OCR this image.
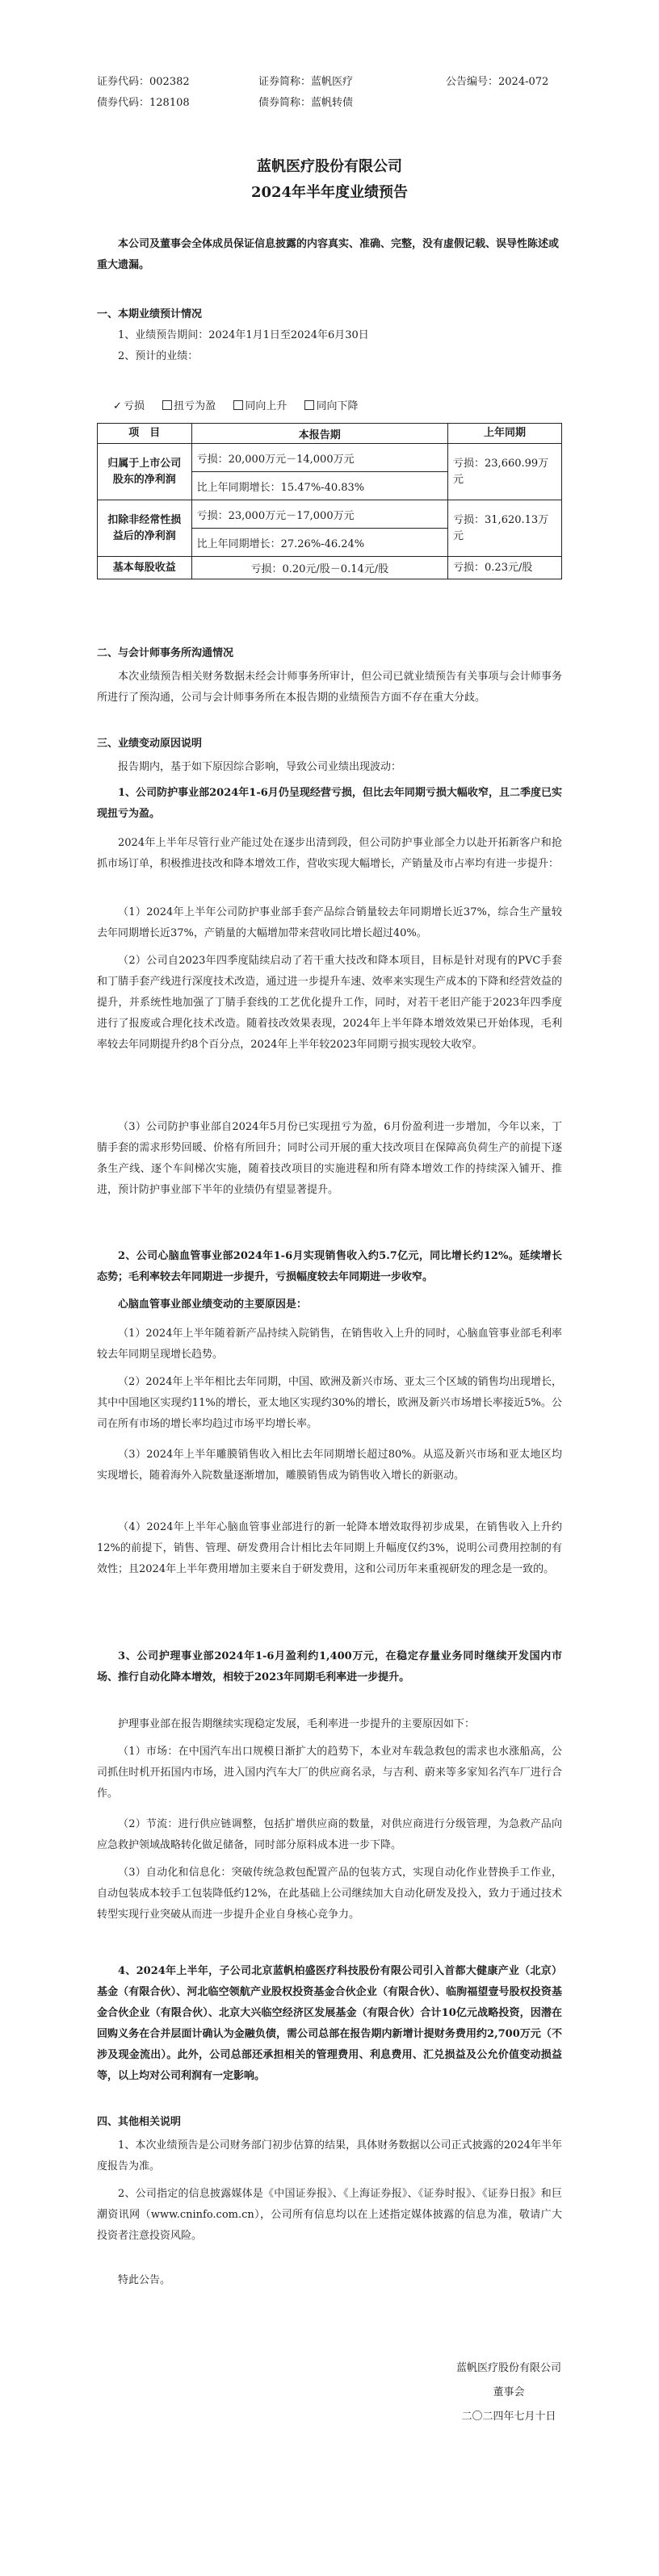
证券代码：002382	证券简称：蓝帆医疗	公告编号：2024-072
债券代码：128108	债券简称：蓝帆转债
蓝帆医疗股份有限公司
2024年半年度业绩预告
本公司及董事会全体成员保证信息披露的内容真实、准确、完整，没有虚假记载、误导性陈述或重大遗漏。
一、本期业绩预计情况
1、业绩预告期间：2024年1月1日至2024年6月30日
2、预计的业绩：
✓ 亏损	扭亏为盈	同向上升	同向下降
项　目	本报告期	上年同期
归属于上市公司股东的净利润	亏损：20,000万元－14,000万元	亏损：23,660.99万元
	比上年同期增长：15.47%-40.83%	
扣除非经常性损益后的净利润	亏损：23,000万元－17,000万元	亏损：31,620.13万元
	比上年同期增长：27.26%-46.24%	
基本每股收益	亏损：0.20元/股－0.14元/股	亏损：0.23元/股
二、与会计师事务所沟通情况
本次业绩预告相关财务数据未经会计师事务所审计，但公司已就业绩预告有关事项与会计师事务所进行了预沟通，公司与会计师事务所在本报告期的业绩预告方面不存在重大分歧。
三、业绩变动原因说明
报告期内，基于如下原因综合影响，导致公司业绩出现波动：
1、公司防护事业部2024年1-6月仍呈现经营亏损，但比去年同期亏损大幅收窄，且二季度已实现扭亏为盈。
2024年上半年尽管行业产能过处在逐步出清到段，但公司防护事业部全力以赴开拓新客户和抢抓市场订单，积极推进技改和降本增效工作，营收实现大幅增长，产销量及市占率均有进一步提升：
（1）2024年上半年公司防护事业部手套产品综合销量较去年同期增长近37%，综合生产量较去年同期增长近37%，产销量的大幅增加带来营收同比增长超过40%。
（2）公司自2023年四季度陆续启动了若干重大技改和降本项目，目标是针对现有的PVC手套和丁腈手套产线进行深度技术改造，通过进一步提升车速、效率来实现生产成本的下降和经营效益的提升，并系统性地加强了丁腈手套线的工艺优化提升工作，同时，对若干老旧产能于2023年四季度进行了报废或合理化技术改造。随着技改效果表现，2024年上半年降本增效效果已开始体现，毛利率较去年同期提升约8个百分点，2024年上半年较2023年同期亏损实现较大收窄。
（3）公司防护事业部自2024年5月份已实现扭亏为盈，6月份盈利进一步增加，今年以来，丁腈手套的需求形势回暖、价格有所回升；同时公司开展的重大技改项目在保障高负荷生产的前提下逐条生产线、逐个车间梯次实施，随着技改项目的实施进程和所有降本增效工作的持续深入铺开、推进，预计防护事业部下半年的业绩仍有望显著提升。
2、公司心脑血管事业部2024年1-6月实现销售收入约5.7亿元，同比增长约12%。延续增长态势；毛利率较去年同期进一步提升，亏损幅度较去年同期进一步收窄。
心脑血管事业部业绩变动的主要原因是：
（1）2024年上半年随着新产品持续入院销售，在销售收入上升的同时，心脑血管事业部毛利率较去年同期呈现增长趋势。
（2）2024年上半年相比去年同期，中国、欧洲及新兴市场、亚太三个区域的销售均出现增长，其中中国地区实现约11%的增长，亚太地区实现约30%的增长，欧洲及新兴市场增长率接近5%。公司在所有市场的增长率均趋过市场平均增长率。
（3）2024年上半年雕膜销售收入相比去年同期增长超过80%。从巡及新兴市场和亚太地区均实现增长，随着海外入院数量逐渐增加，雕膜销售成为销售收入增长的新驱动。
（4）2024年上半年心脑血管事业部进行的新一轮降本增效取得初步成果，在销售收入上升约12%的前提下，销售、管理、研发费用合计相比去年同期上升幅度仅约3%，说明公司费用控制的有效性；且2024年上半年费用增加主要来自于研发费用，这和公司历年来重视研发的理念是一致的。
3、公司护理事业部2024年1-6月盈利约1,400万元，在稳定存量业务同时继续开发国内市场、推行自动化降本增效，相较于2023年同期毛利率进一步提升。
护理事业部在报告期继续实现稳定发展，毛利率进一步提升的主要原因如下：
（1）市场：在中国汽车出口规模日渐扩大的趋势下，本业对车载急救包的需求也水涨船高，公司抓住时机开拓国内市场，进入国内汽车大厂的供应商名录，与吉利、蔚来等多家知名汽车厂进行合作。
（2）节流：进行供应链调整，包括扩增供应商的数量，对供应商进行分级管理，为急救产品向应急救护领域战略转化做足储备，同时部分原料成本进一步下降。
（3）自动化和信息化：突破传统急救包配置产品的包装方式，实现自动化作业替换手工作业，自动包装成本较手工包装降低约12%，在此基础上公司继续加大自动化研发及投入，致力于通过技术转型实现行业突破从而进一步提升企业自身核心竞争力。
4、2024年上半年，子公司北京蓝帆柏盛医疗科技股份有限公司引入首都大健康产业（北京）基金（有限合伙）、河北临空领航产业股权投资基金合伙企业（有限合伙）、临朐福望壹号股权投资基金合伙企业（有限合伙）、北京大兴临空经济区发展基金（有限合伙）合计10亿元战略投资，因潜在回购义务在合并层面计确认为金融负债，需公司总部在报告期内新增计提财务费用约2,700万元（不涉及现金流出）。此外，公司总部还承担相关的管理费用、利息费用、汇兑损益及公允价值变动损益等，以上均对公司利润有一定影响。
四、其他相关说明
1、本次业绩预告是公司财务部门初步估算的结果，具体财务数据以公司正式披露的2024年半年度报告为准。
2、公司指定的信息披露媒体是《中国证券报》、《上海证券报》、《证券时报》、《证券日报》和巨潮资讯网（www.cninfo.com.cn），公司所有信息均以在上述指定媒体披露的信息为准，敬请广大投资者注意投资风险。
特此公告。
蓝帆医疗股份有限公司
董事会
二〇二四年七月十日
